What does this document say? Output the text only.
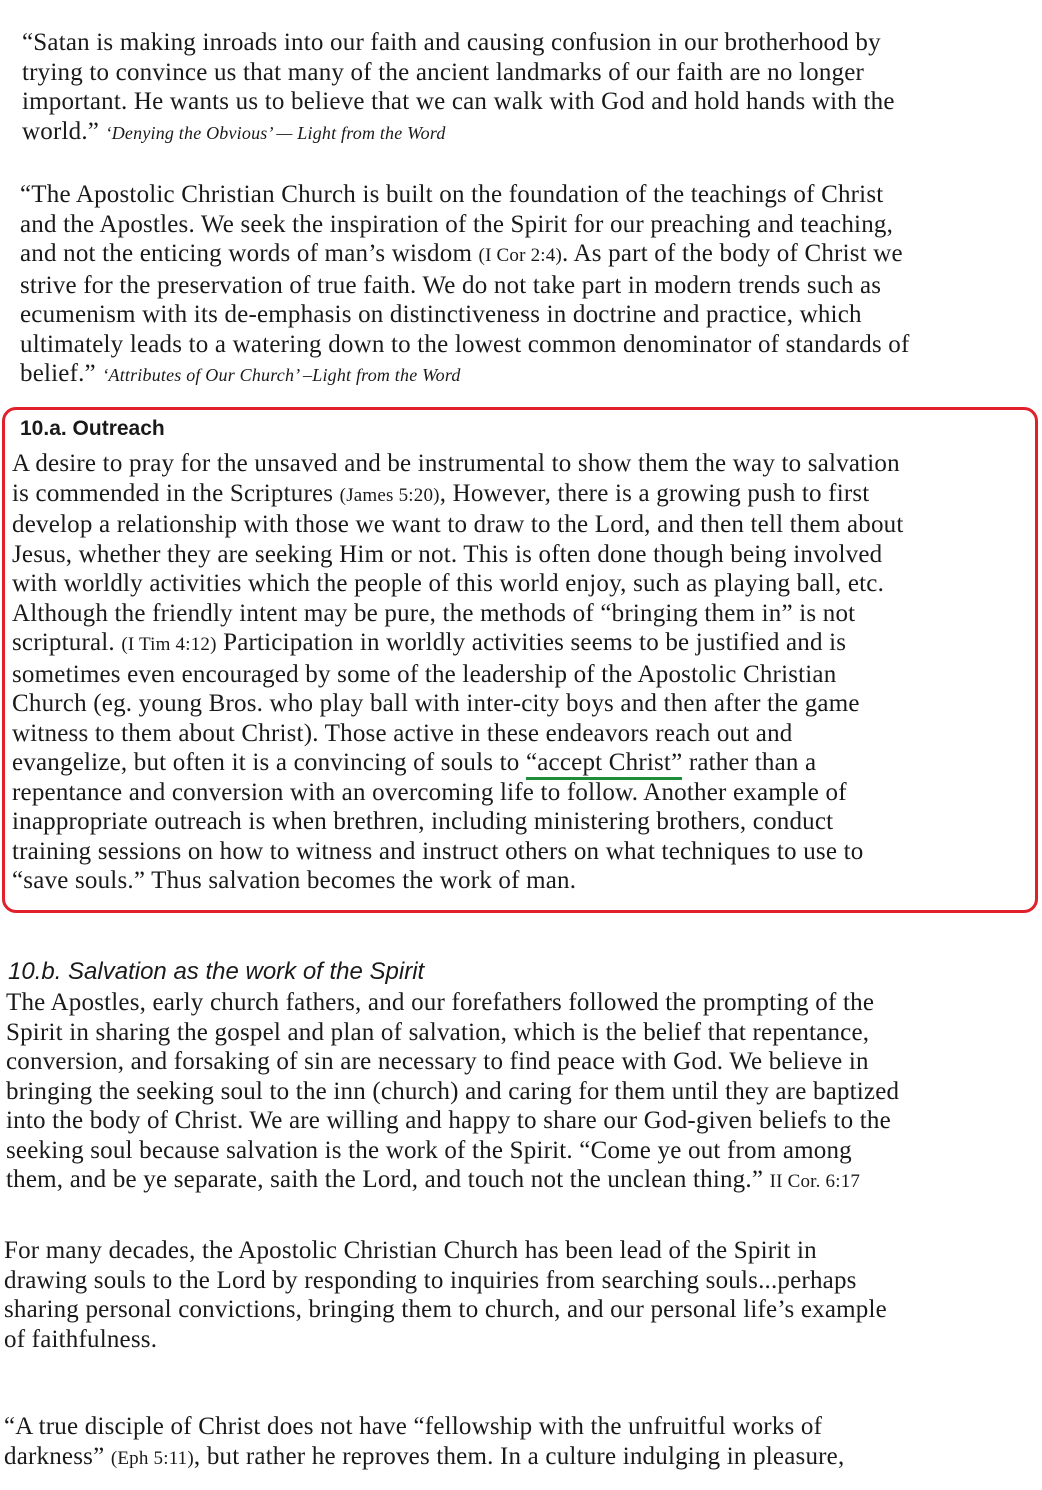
“Satan is making inroads into our faith and causing confusion in our brotherhood by
trying to convince us that many of the ancient landmarks of our faith are no longer
important. He wants us to believe that we can walk with God and hold hands with the
world.” ‘Denying the Obvious’ — Light from the Word
“The Apostolic Christian Church is built on the foundation of the teachings of Christ
and the Apostles. We seek the inspiration of the Spirit for our preaching and teaching,
and not the enticing words of man’s wisdom (I Cor 2:4). As part of the body of Christ we
strive for the preservation of true faith. We do not take part in modern trends such as
ecumenism with its de-emphasis on distinctiveness in doctrine and practice, which
ultimately leads to a watering down to the lowest common denominator of standards of
belief.” ‘Attributes of Our Church’ –Light from the Word
10.a. Outreach
A desire to pray for the unsaved and be instrumental to show them the way to salvation
is commended in the Scriptures (James 5:20), However, there is a growing push to first
develop a relationship with those we want to draw to the Lord, and then tell them about
Jesus, whether they are seeking Him or not. This is often done though being involved
with worldly activities which the people of this world enjoy, such as playing ball, etc.
Although the friendly intent may be pure, the methods of “bringing them in” is not
scriptural. (I Tim 4:12) Participation in worldly activities seems to be justified and is
sometimes even encouraged by some of the leadership of the Apostolic Christian
Church (eg. young Bros. who play ball with inter-city boys and then after the game
witness to them about Christ). Those active in these endeavors reach out and
evangelize, but often it is a convincing of souls to “accept Christ” rather than a
repentance and conversion with an overcoming life to follow. Another example of
inappropriate outreach is when brethren, including ministering brothers, conduct
training sessions on how to witness and instruct others on what techniques to use to
“save souls.” Thus salvation becomes the work of man.
10.b. Salvation as the work of the Spirit
The Apostles, early church fathers, and our forefathers followed the prompting of the
Spirit in sharing the gospel and plan of salvation, which is the belief that repentance,
conversion, and forsaking of sin are necessary to find peace with God. We believe in
bringing the seeking soul to the inn (church) and caring for them until they are baptized
into the body of Christ. We are willing and happy to share our God-given beliefs to the
seeking soul because salvation is the work of the Spirit. “Come ye out from among
them, and be ye separate, saith the Lord, and touch not the unclean thing.” II Cor. 6:17
For many decades, the Apostolic Christian Church has been lead of the Spirit in
drawing souls to the Lord by responding to inquiries from searching souls...perhaps
sharing personal convictions, bringing them to church, and our personal life’s example
of faithfulness.
“A true disciple of Christ does not have “fellowship with the unfruitful works of
darkness” (Eph 5:11), but rather he reproves them. In a culture indulging in pleasure,
